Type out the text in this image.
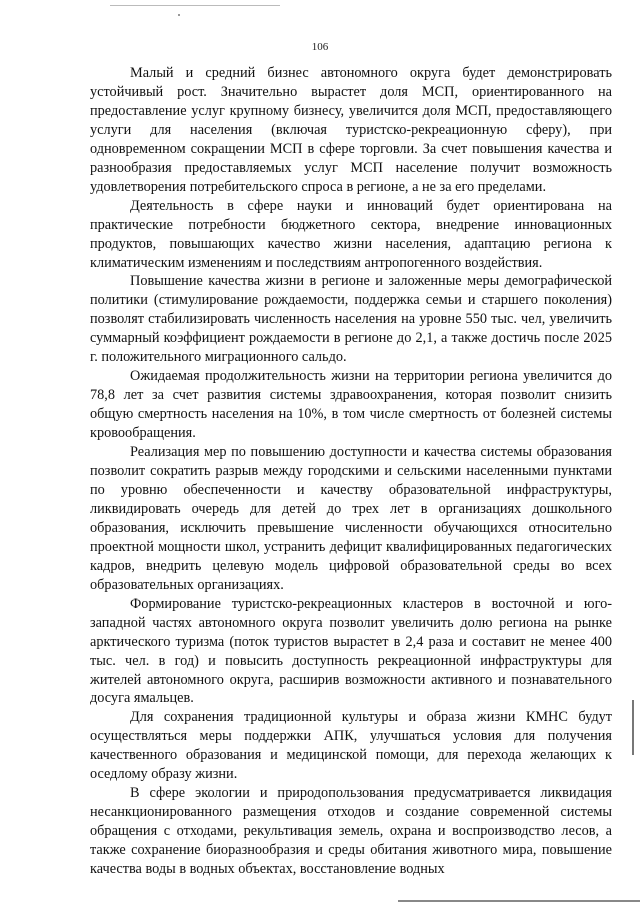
106

Малый и средний бизнес автономного округа будет демонстрировать устойчивый рост. Значительно вырастет доля МСП, ориентированного на предоставление услуг крупному бизнесу, увеличится доля МСП, предоставляющего услуги для населения (включая туристско-рекреационную сферу), при одновременном сокращении МСП в сфере торговли. За счет повышения качества и разнообразия предоставляемых услуг МСП население получит возможность удовлетворения потребительского спроса в регионе, а не за его пределами.

Деятельность в сфере науки и инноваций будет ориентирована на практические потребности бюджетного сектора, внедрение инновационных продуктов, повышающих качество жизни населения, адаптацию региона к климатическим изменениям и последствиям антропогенного воздействия.

Повышение качества жизни в регионе и заложенные меры демографической политики (стимулирование рождаемости, поддержка семьи и старшего поколения) позволят стабилизировать численность населения на уровне 550 тыс. чел, увеличить суммарный коэффициент рождаемости в регионе до 2,1, а также достичь после 2025 г. положительного миграционного сальдо.

Ожидаемая продолжительность жизни на территории региона увеличится до 78,8 лет за счет развития системы здравоохранения, которая позволит снизить общую смертность населения на 10%, в том числе смертность от болезней системы кровообращения.

Реализация мер по повышению доступности и качества системы образования позволит сократить разрыв между городскими и сельскими населенными пунктами по уровню обеспеченности и качеству образовательной инфраструктуры, ликвидировать очередь для детей до трех лет в организациях дошкольного образования, исключить превышение численности обучающихся относительно проектной мощности школ, устранить дефицит квалифицированных педагогических кадров, внедрить целевую модель цифровой образовательной среды во всех образовательных организациях.

Формирование туристско-рекреационных кластеров в восточной и юго-западной частях автономного округа позволит увеличить долю региона на рынке арктического туризма (поток туристов вырастет в 2,4 раза и составит не менее 400 тыс. чел. в год) и повысить доступность рекреационной инфраструктуры для жителей автономного округа, расширив возможности активного и познавательного досуга ямальцев.

Для сохранения традиционной культуры и образа жизни КМНС будут осуществляться меры поддержки АПК, улучшаться условия для получения качественного образования и медицинской помощи, для перехода желающих к оседлому образу жизни.

В сфере экологии и природопользования предусматривается ликвидация несанкционированного размещения отходов и создание современной системы обращения с отходами, рекультивация земель, охрана и воспроизводство лесов, а также сохранение биоразнообразия и среды обитания животного мира, повышение качества воды в водных объектах, восстановление водных
